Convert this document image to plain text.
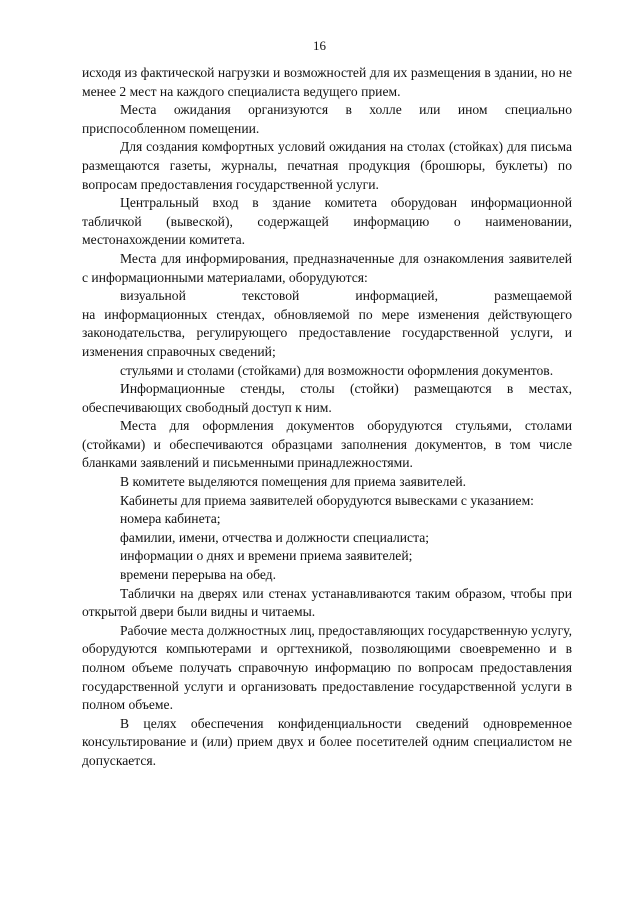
16

исходя из фактической нагрузки и возможностей для их размещения в здании, но не менее 2 мест на каждого специалиста ведущего прием.

Места ожидания организуются в холле или ином специально приспособленном помещении.

Для создания комфортных условий ожидания на столах (стойках) для письма размещаются газеты, журналы, печатная продукция (брошюры, буклеты) по вопросам предоставления государственной услуги.

Центральный вход в здание комитета оборудован информационной табличкой (вывеской), содержащей информацию о наименовании, местонахождении комитета.

Места для информирования, предназначенные для ознакомления заявителей с информационными материалами, оборудуются:

визуальной текстовой информацией, размещаемой

на информационных стендах, обновляемой по мере изменения действующего законодательства, регулирующего предоставление государственной услуги, и изменения справочных сведений;

стульями и столами (стойками) для возможности оформления документов.

Информационные стенды, столы (стойки) размещаются в местах, обеспечивающих свободный доступ к ним.

Места для оформления документов оборудуются стульями, столами (стойками) и обеспечиваются образцами заполнения документов, в том числе бланками заявлений и письменными принадлежностями.

В комитете выделяются помещения для приема заявителей.

Кабинеты для приема заявителей оборудуются вывесками с указанием:

номера кабинета;

фамилии, имени, отчества и должности специалиста;

информации о днях и времени приема заявителей;

времени перерыва на обед.

Таблички на дверях или стенах устанавливаются таким образом, чтобы при открытой двери были видны и читаемы.

Рабочие места должностных лиц, предоставляющих государственную услугу, оборудуются компьютерами и оргтехникой, позволяющими своевременно и в полном объеме получать справочную информацию по вопросам предоставления государственной услуги и организовать предоставление государственной услуги в полном объеме.

В целях обеспечения конфиденциальности сведений одновременное консультирование и (или) прием двух и более посетителей одним специалистом не допускается.
